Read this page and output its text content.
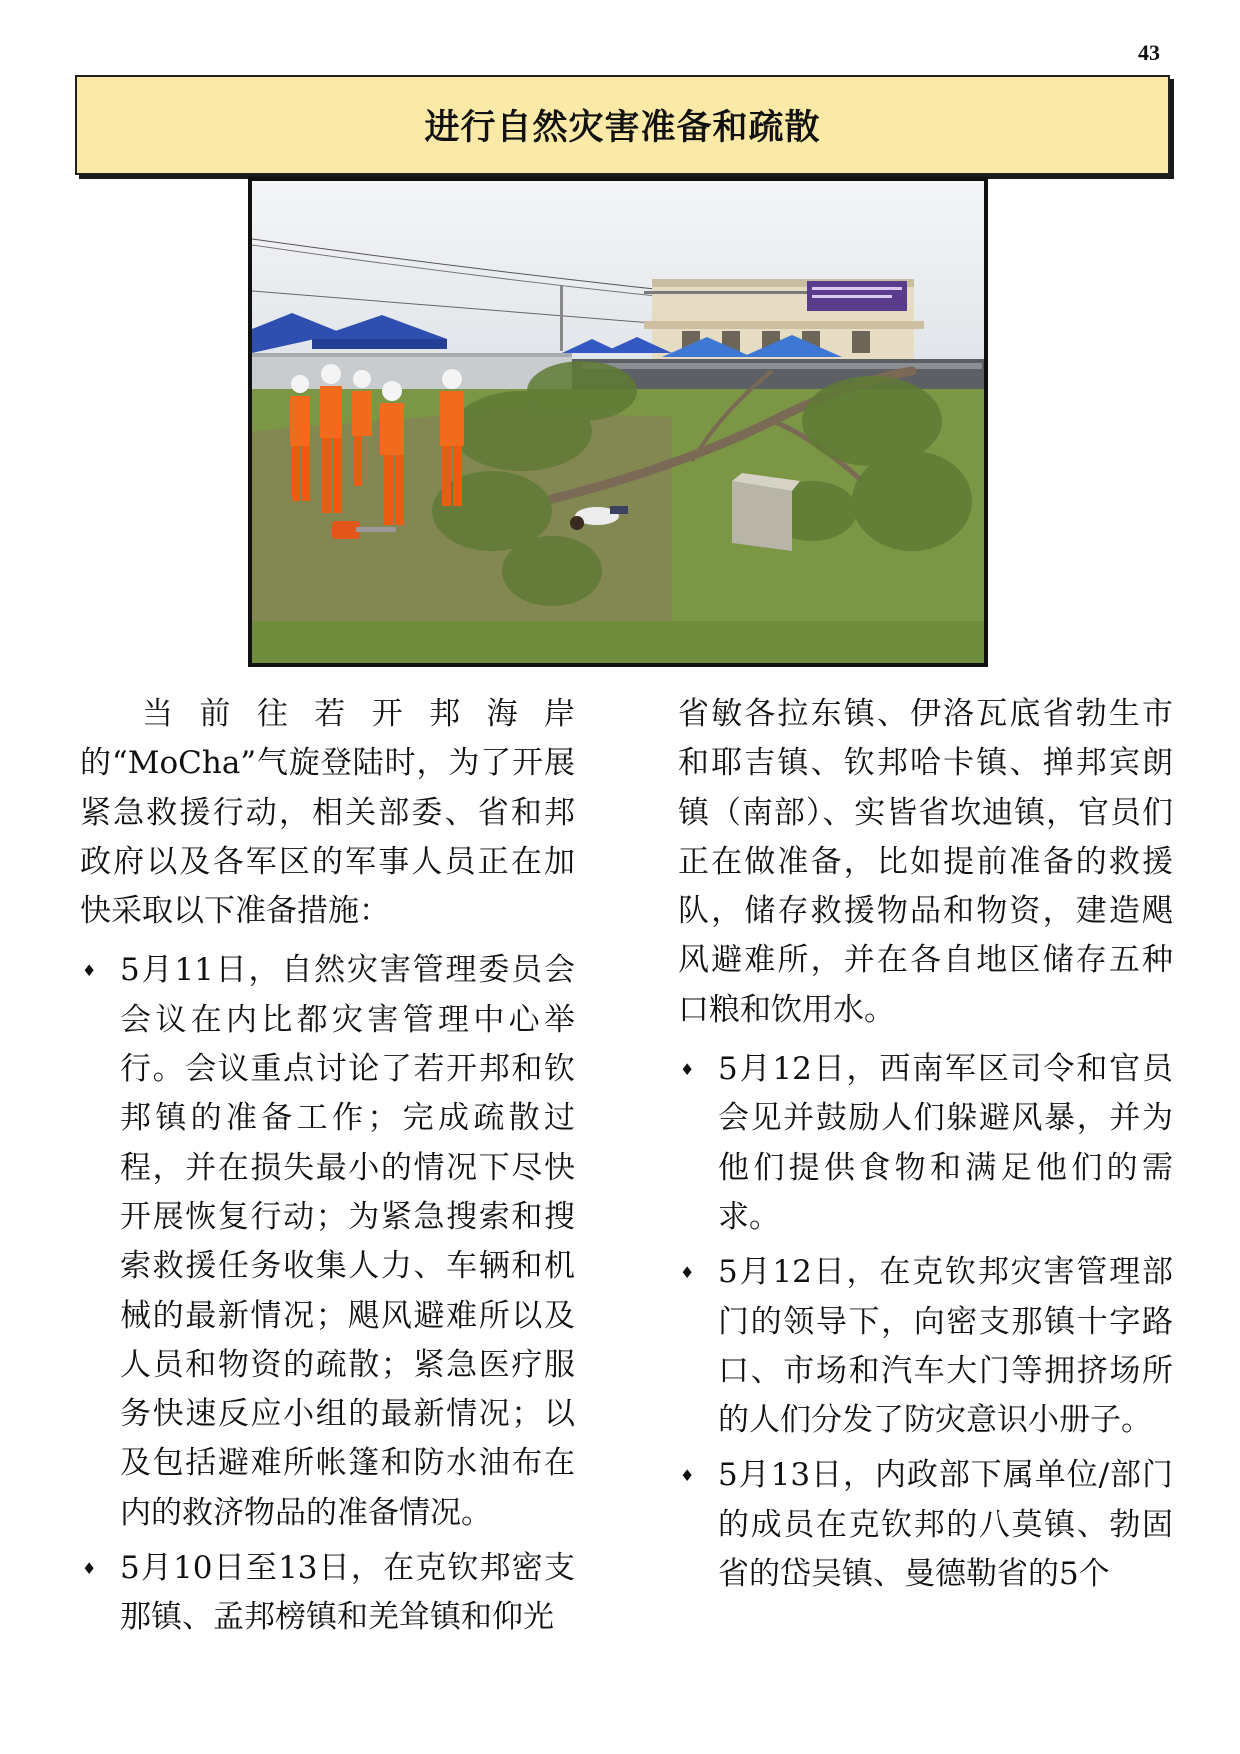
43
进行自然灾害准备和疏散

当前往若开邦海岸的“MoCha”气旋登陆时，为了开展紧急救援行动，相关部委、省和邦政府以及各军区的军事人员正在加快采取以下准备措施：

♦ 5月11日，自然灾害管理委员会会议在内比都灾害管理中心举行。会议重点讨论了若开邦和钦邦镇的准备工作；完成疏散过程，并在损失最小的情况下尽快开展恢复行动；为紧急搜索和搜索救援任务收集人力、车辆和机械的最新情况；飓风避难所以及人员和物资的疏散；紧急医疗服务快速反应小组的最新情况；以及包括避难所帐篷和防水油布在内的救济物品的准备情况。
♦ 5月10日至13日，在克钦邦密支那镇、孟邦榜镇和羌耸镇和仰光

省敏各拉东镇、伊洛瓦底省勃生市和耶吉镇、钦邦哈卡镇、掸邦宾朗镇（南部）、实皆省坎迪镇，官员们正在做准备，比如提前准备的救援队，储存救援物品和物资，建造飓风避难所，并在各自地区储存五种口粮和饮用水。

♦ 5月12日，西南军区司令和官员会见并鼓励人们躲避风暴，并为他们提供食物和满足他们的需求。
♦ 5月12日，在克钦邦灾害管理部门的领导下，向密支那镇十字路口、市场和汽车大门等拥挤场所的人们分发了防灾意识小册子。
♦ 5月13日，内政部下属单位/部门的成员在克钦邦的八莫镇、勃固省的岱吴镇、曼德勒省的5个
